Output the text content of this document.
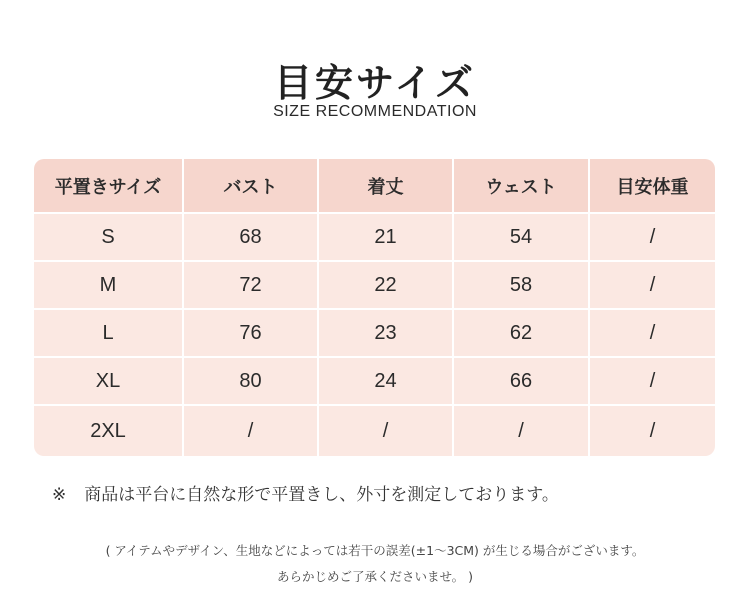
目安サイズ
SIZE RECOMMENDATION
平置きサイズ	バスト	着丈	ウェスト	目安体重
S	68	21	54	/
M	72	22	58	/
L	76	23	62	/
XL	80	24	66	/
2XL	/	/	/	/
※ 商品は平台に自然な形で平置きし、外寸を測定しております。
( アイテムやデザイン、生地などによっては若干の誤差(±1～3CM) が生じる場合がございます。
あらかじめご了承くださいませ。 )
